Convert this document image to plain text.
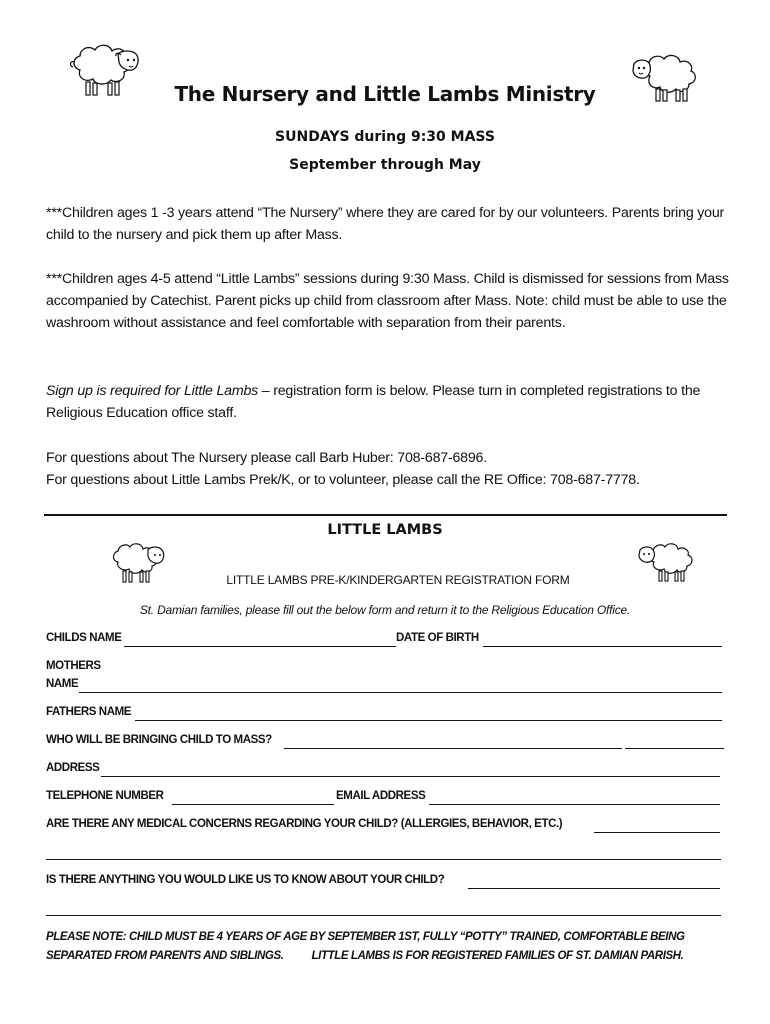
The Nursery and Little Lambs Ministry
SUNDAYS during 9:30 MASS
September through May

***Children ages 1 -3 years attend “The Nursery” where they are cared for by our volunteers. Parents bring your child to the nursery and pick them up after Mass.

***Children ages 4-5 attend “Little Lambs” sessions during 9:30 Mass. Child is dismissed for sessions from Mass accompanied by Catechist. Parent picks up child from classroom after Mass. Note: child must be able to use the washroom without assistance and feel comfortable with separation from their parents.

Sign up is required for Little Lambs – registration form is below. Please turn in completed registrations to the Religious Education office staff.

For questions about The Nursery please call Barb Huber: 708-687-6896.
For questions about Little Lambs Prek/K, or to volunteer, please call the RE Office: 708-687-7778.

LITTLE LAMBS
LITTLE LAMBS PRE-K/KINDERGARTEN REGISTRATION FORM
St. Damian families, please fill out the below form and return it to the Religious Education Office.
CHILDS NAME	DATE OF BIRTH
MOTHERS
NAME
FATHERS NAME
WHO WILL BE BRINGING CHILD TO MASS?
ADDRESS
TELEPHONE NUMBER	EMAIL ADDRESS
ARE THERE ANY MEDICAL CONCERNS REGARDING YOUR CHILD? (ALLERGIES, BEHAVIOR, ETC.)
IS THERE ANYTHING YOU WOULD LIKE US TO KNOW ABOUT YOUR CHILD?
PLEASE NOTE: CHILD MUST BE 4 YEARS OF AGE BY SEPTEMBER 1ST, FULLY “POTTY” TRAINED, COMFORTABLE BEING
SEPARATED FROM PARENTS AND SIBLINGS. LITTLE LAMBS IS FOR REGISTERED FAMILIES OF ST. DAMIAN PARISH.
